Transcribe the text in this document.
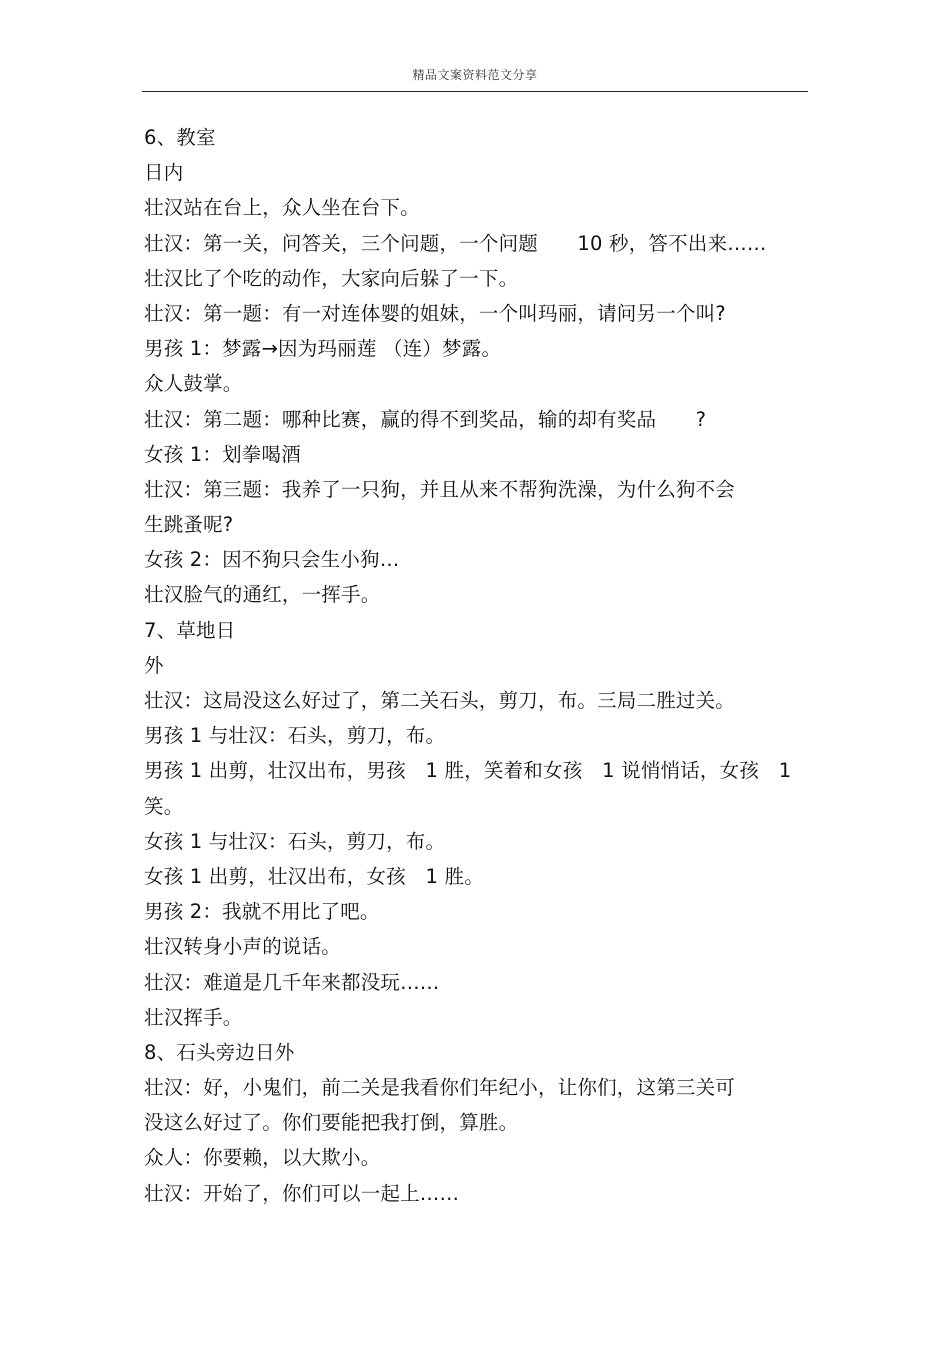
精品文案资料范文分享
6、教室
日内
壮汉站在台上，众人坐在台下。
壮汉：第一关，问答关，三个问题，一个问题　　10 秒，答不出来……
壮汉比了个吃的动作，大家向后躲了一下。
壮汉：第一题：有一对连体婴的姐妹，一个叫玛丽，请问另一个叫?
男孩 1：梦露→因为玛丽莲 （连）梦露。
众人鼓掌。
壮汉：第二题：哪种比赛，赢的得不到奖品，输的却有奖品　　?
女孩 1：划拳喝酒
壮汉：第三题：我养了一只狗，并且从来不帮狗洗澡，为什么狗不会
生跳蚤呢?
女孩 2：因不狗只会生小狗…
壮汉脸气的通红，一挥手。
7、草地日
外
壮汉：这局没这么好过了，第二关石头，剪刀，布。三局二胜过关。
男孩 1 与壮汉：石头，剪刀，布。
男孩 1 出剪，壮汉出布，男孩　1 胜，笑着和女孩　1 说悄悄话，女孩　1
笑。
女孩 1 与壮汉：石头，剪刀，布。
女孩 1 出剪，壮汉出布，女孩　1 胜。
男孩 2：我就不用比了吧。
壮汉转身小声的说话。
壮汉：难道是几千年来都没玩……
壮汉挥手。
8、石头旁边日外
壮汉：好，小鬼们，前二关是我看你们年纪小，让你们，这第三关可
没这么好过了。你们要能把我打倒，算胜。
众人：你要赖，以大欺小。
壮汉：开始了，你们可以一起上……
